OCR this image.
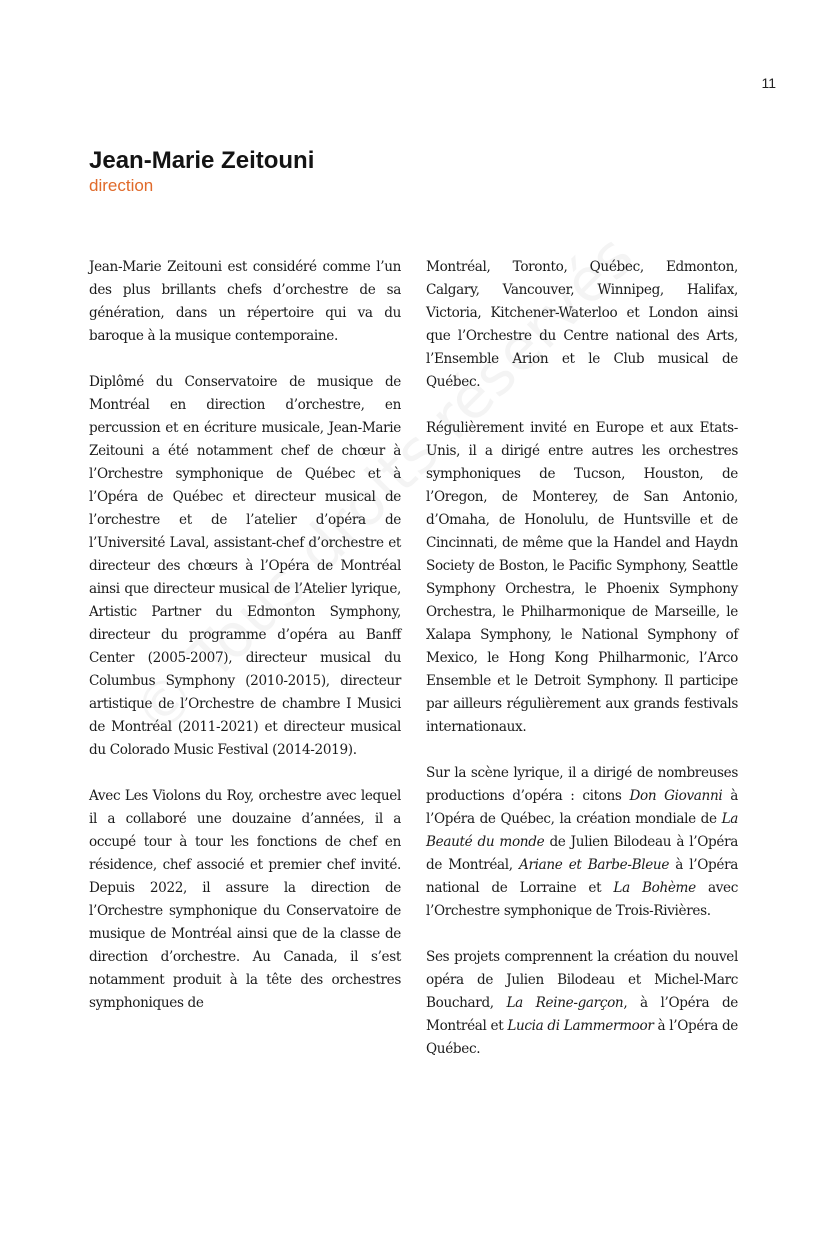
11
Jean-Marie Zeitouni

direction

Jean-Marie Zeitouni est considéré comme l’un des plus brillants chefs d’orchestre de sa génération, dans un répertoire qui va du baroque à la musique contemporaine.

Diplômé du Conservatoire de musique de Montréal en direction d’orchestre, en percussion et en écriture musicale, Jean-Marie Zeitouni a été notamment chef de chœur à l’Orchestre symphonique de Québec et à l’Opéra de Québec et directeur musical de l’orchestre et de l’atelier d’opéra de l’Université Laval, assistant-chef d’orchestre et directeur des chœurs à l’Opéra de Montréal ainsi que directeur musical de l’Atelier lyrique, Artistic Partner du Edmonton Symphony, directeur du programme d’opéra au Banff Center (2005-2007), directeur musical du Columbus Symphony (2010-2015), directeur artistique de l’Orchestre de chambre I Musici de Montréal (2011-2021) et directeur musical du Colorado Music Festival (2014-2019).

Avec Les Violons du Roy, orchestre avec lequel il a collaboré une douzaine d’années, il a occupé tour à tour les fonctions de chef en résidence, chef associé et premier chef invité. Depuis 2022, il assure la direction de l’Orchestre symphonique du Conservatoire de musique de Montréal ainsi que de la classe de direction d’orchestre. Au Canada, il s’est notamment produit à la tête des orchestres symphoniques de

Montréal, Toronto, Québec, Edmonton, Calgary, Vancouver, Winnipeg, Halifax, Victoria, Kitchener-Waterloo et London ainsi que l’Orchestre du Centre national des Arts, l’Ensemble Arion et le Club musical de Québec.

Régulièrement invité en Europe et aux Etats-Unis, il a dirigé entre autres les orchestres symphoniques de Tucson, Houston, de l’Oregon, de Monterey, de San Antonio, d’Omaha, de Honolulu, de Huntsville et de Cincinnati, de même que la Handel and Haydn Society de Boston, le Pacific Symphony, Seattle Symphony Orchestra, le Phoenix Symphony Orchestra, le Philharmonique de Marseille, le Xalapa Symphony, le National Symphony of Mexico, le Hong Kong Philharmonic, l’Arco Ensemble et le Detroit Symphony. Il participe par ailleurs régulièrement aux grands festivals internationaux.

Sur la scène lyrique, il a dirigé de nombreuses productions d’opéra : citons Don Giovanni à l’Opéra de Québec, la création mondiale de La Beauté du monde de Julien Bilodeau à l’Opéra de Montréal, Ariane et Barbe-Bleue à l’Opéra national de Lorraine et La Bohème avec l’Orchestre symphonique de Trois-Rivières.

Ses projets comprennent la création du nouvel opéra de Julien Bilodeau et Michel-Marc Bouchard, La Reine-garçon, à l’Opéra de Montréal et Lucia di Lammermoor à l’Opéra de Québec.
